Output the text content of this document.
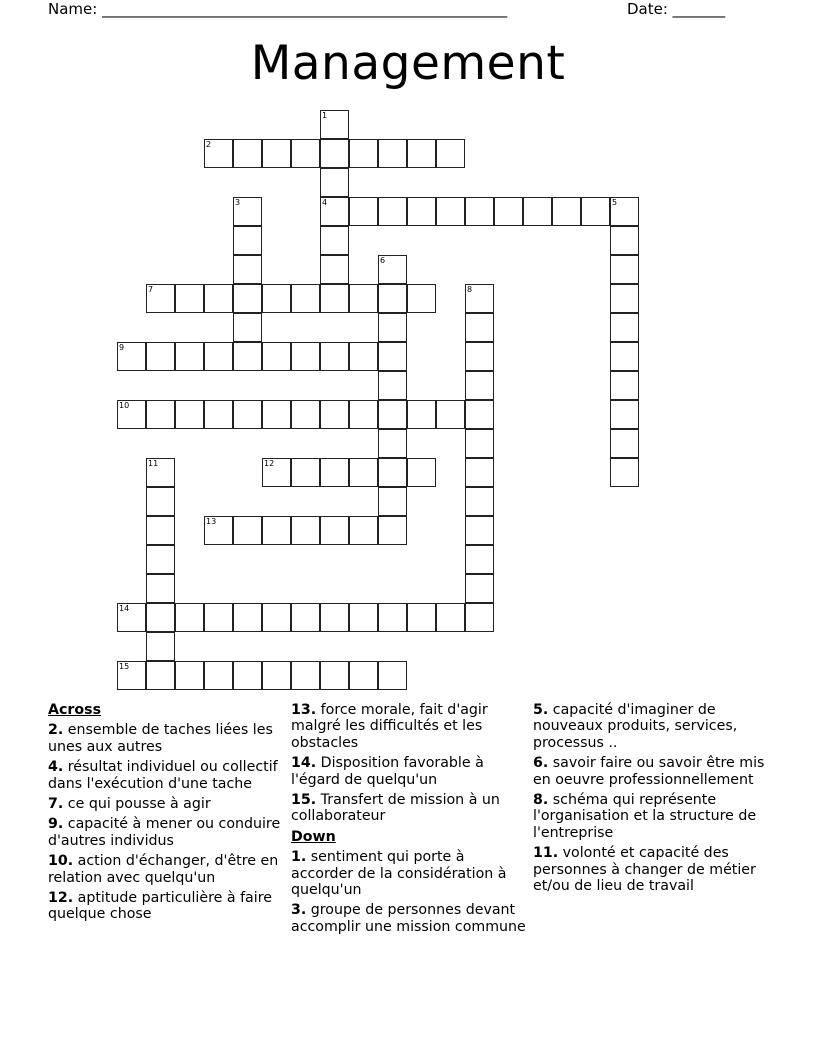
Name: ______________________________________________________	Date: _______
Management
1
4
2
3	5
6
7	8
9
10
11	12
13
14
15
Across
2. ensemble de taches liées les unes aux autres
4. résultat individuel ou collectif dans l'exécution d'une tache
7. ce qui pousse à agir
9. capacité à mener ou conduire d'autres individus
10. action d'échanger, d'être en relation avec quelqu'un
12. aptitude particulière à faire quelque chose
13. force morale, fait d'agir malgré les difficultés et les obstacles
14. Disposition favorable à l'égard de quelqu'un
15. Transfert de mission à un collaborateur
Down
1. sentiment qui porte à accorder de la considération à quelqu'un
3. groupe de personnes devant accomplir une mission commune
5. capacité d'imaginer de nouveaux produits, services, processus ..
6. savoir faire ou savoir être mis en oeuvre professionnellement
8. schéma qui représente l'organisation et la structure de l'entreprise
11. volonté et capacité des personnes à changer de métier et/ou de lieu de travail
